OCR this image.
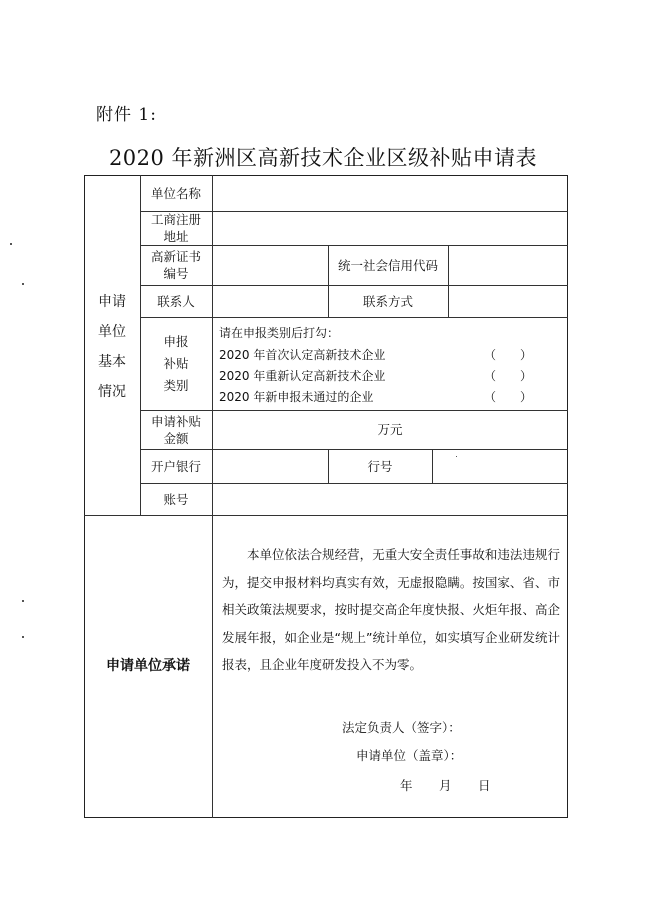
附件 1:
2020 年新洲区高新技术企业区级补贴申请表
申请
单位
基本
情况
单位名称
工商注册
地址
高新证书
编号
统一社会信用代码
联系人	联系方式
申报
补贴
类别
请在申报类别后打勾：
2020 年首次认定高新技术企业	（　　）
2020 年重新认定高新技术企业	（　　）
2020 年新申报未通过的企业	（　　）
申请补贴
金额
万元
开户银行	行号
账号
申请单位承诺
本单位依法合规经营，无重大安全责任事故和违法违规行为，提交申报材料均真实有效，无虚报隐瞒。按国家、省、市相关政策法规要求，按时提交高企年度快报、火炬年报、高企发展年报，如企业是“规上”统计单位，如实填写企业研发统计报表，且企业年度研发投入不为零。
法定负责人（签字）：
申请单位（盖章）：
年 月 日
